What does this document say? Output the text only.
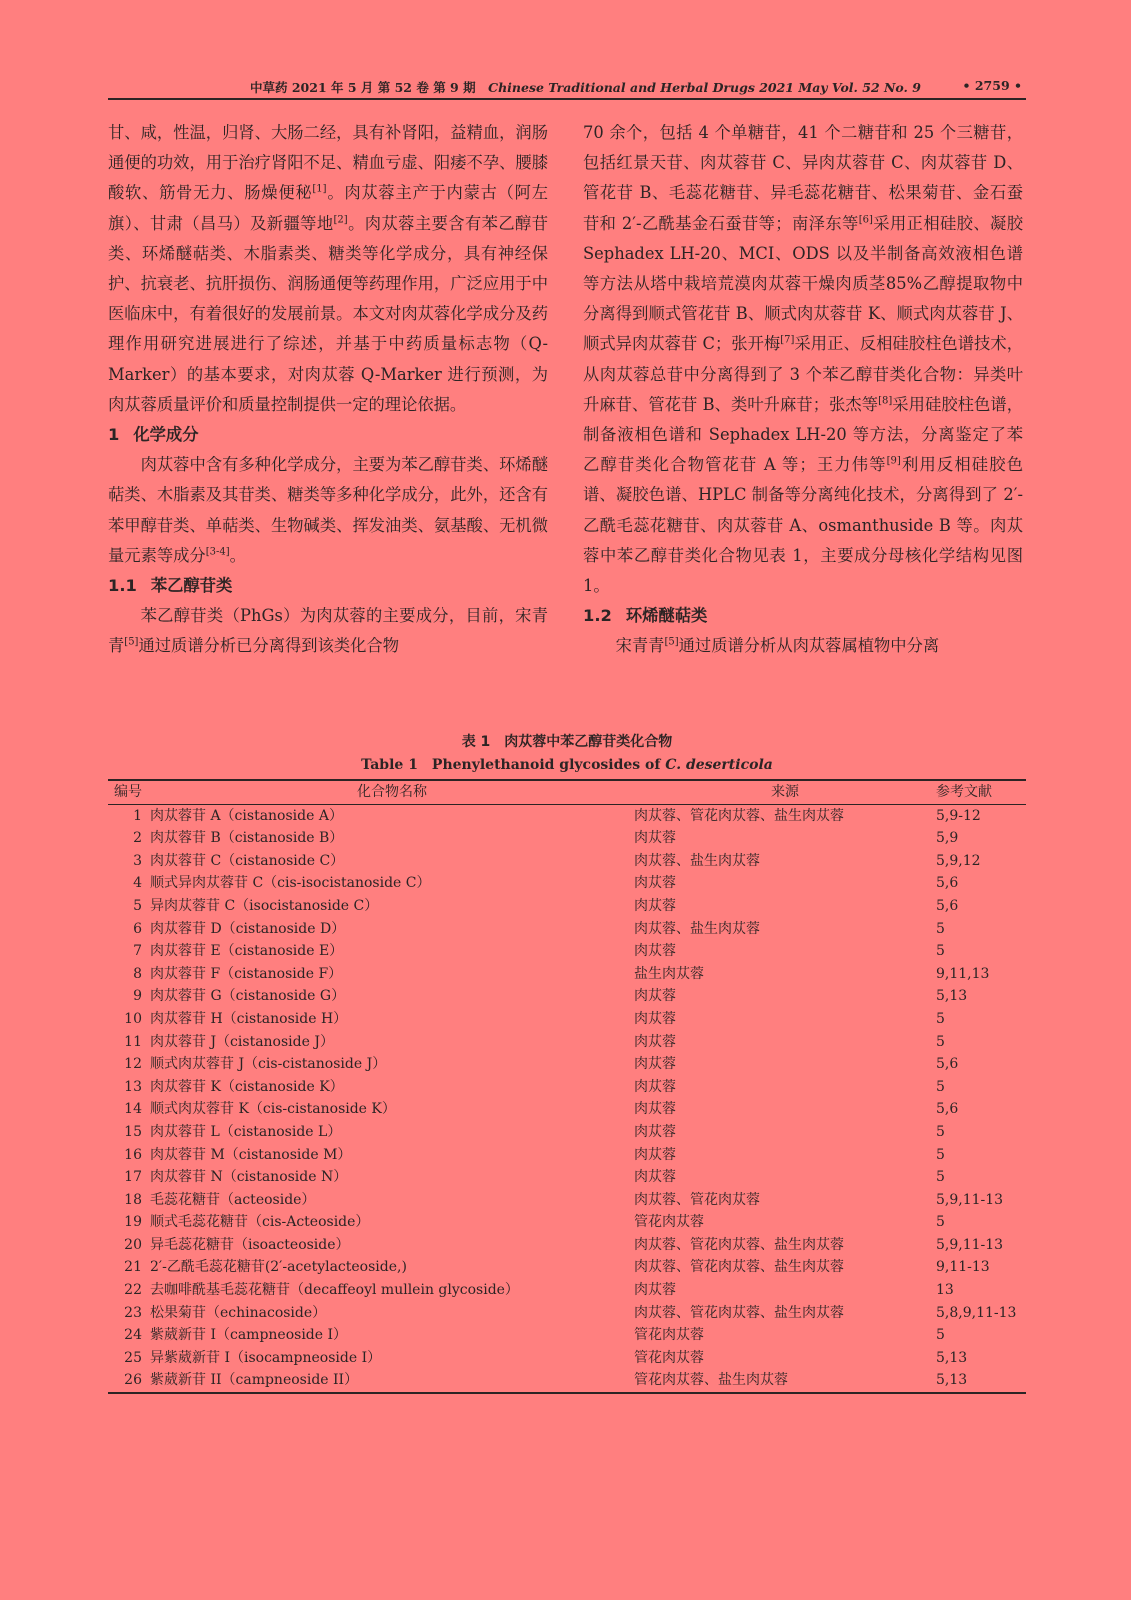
中草药 2021 年 5 月 第 52 卷 第 9 期　 Chinese Traditional and Herbal Drugs 2021 May Vol. 52 No. 9	• 2759 •

甘、咸，性温，归肾、大肠二经，具有补肾阳，益精血，润肠通便的功效，用于治疗肾阳不足、精血亏虚、阳痿不孕、腰膝酸软、筋骨无力、肠燥便秘[1]。肉苁蓉主产于内蒙古（阿左旗）、甘肃（昌马）及新疆等地[2]。肉苁蓉主要含有苯乙醇苷类、环烯醚萜类、木脂素类、糖类等化学成分，具有神经保护、抗衰老、抗肝损伤、润肠通便等药理作用，广泛应用于中医临床中，有着很好的发展前景。本文对肉苁蓉化学成分及药理作用研究进展进行了综述，并基于中药质量标志物（Q-Marker）的基本要求，对肉苁蓉 Q-Marker 进行预测，为肉苁蓉质量评价和质量控制提供一定的理论依据。

1 化学成分

肉苁蓉中含有多种化学成分，主要为苯乙醇苷类、环烯醚萜类、木脂素及其苷类、糖类等多种化学成分，此外，还含有苯甲醇苷类、单萜类、生物碱类、挥发油类、氨基酸、无机微量元素等成分[3-4]。

1.1 苯乙醇苷类

苯乙醇苷类（PhGs）为肉苁蓉的主要成分，目前，宋青青[5]通过质谱分析已分离得到该类化合物

70 余个，包括 4 个单糖苷，41 个二糖苷和 25 个三糖苷，包括红景天苷、肉苁蓉苷 C、异肉苁蓉苷 C、肉苁蓉苷 D、管花苷 B、毛蕊花糖苷、异毛蕊花糖苷、松果菊苷、金石蚕苷和 2′-乙酰基金石蚕苷等；南泽东等[6]采用正相硅胶、凝胶 Sephadex LH-20、MCI、ODS 以及半制备高效液相色谱等方法从塔中栽培荒漠肉苁蓉干燥肉质茎85%乙醇提取物中分离得到顺式管花苷 B、顺式肉苁蓉苷 K、顺式肉苁蓉苷 J、顺式异肉苁蓉苷 C；张开梅[7]采用正、反相硅胶柱色谱技术，从肉苁蓉总苷中分离得到了 3 个苯乙醇苷类化合物：异类叶升麻苷、管花苷 B、类叶升麻苷；张杰等[8]采用硅胶柱色谱，制备液相色谱和 Sephadex LH-20 等方法，分离鉴定了苯乙醇苷类化合物管花苷 A 等；王力伟等[9]利用反相硅胶色谱、凝胶色谱、HPLC 制备等分离纯化技术，分离得到了 2′-乙酰毛蕊花糖苷、肉苁蓉苷 A、osmanthuside B 等。肉苁蓉中苯乙醇苷类化合物见表 1，主要成分母核化学结构见图 1。

1.2 环烯醚萜类

宋青青[5]通过质谱分析从肉苁蓉属植物中分离

表 1　肉苁蓉中苯乙醇苷类化合物
Table 1　Phenylethanoid glycosides of C. deserticola
编号	化合物名称	来源	参考文献
1	肉苁蓉苷 A（cistanoside A）	肉苁蓉、管花肉苁蓉、盐生肉苁蓉	5,9-12
2	肉苁蓉苷 B（cistanoside B）	肉苁蓉	5,9
3	肉苁蓉苷 C（cistanoside C）	肉苁蓉、盐生肉苁蓉	5,9,12
4	顺式异肉苁蓉苷 C（cis-isocistanoside C）	肉苁蓉	5,6
5	异肉苁蓉苷 C（isocistanoside C）	肉苁蓉	5,6
6	肉苁蓉苷 D（cistanoside D）	肉苁蓉、盐生肉苁蓉	5
7	肉苁蓉苷 E（cistanoside E）	肉苁蓉	5
8	肉苁蓉苷 F（cistanoside F）	盐生肉苁蓉	9,11,13
9	肉苁蓉苷 G（cistanoside G）	肉苁蓉	5,13
10	肉苁蓉苷 H（cistanoside H）	肉苁蓉	5
11	肉苁蓉苷 J（cistanoside J）	肉苁蓉	5
12	顺式肉苁蓉苷 J（cis-cistanoside J）	肉苁蓉	5,6
13	肉苁蓉苷 K（cistanoside K）	肉苁蓉	5
14	顺式肉苁蓉苷 K（cis-cistanoside K）	肉苁蓉	5,6
15	肉苁蓉苷 L（cistanoside L）	肉苁蓉	5
16	肉苁蓉苷 M（cistanoside M）	肉苁蓉	5
17	肉苁蓉苷 N（cistanoside N）	肉苁蓉	5
18	毛蕊花糖苷（acteoside）	肉苁蓉、管花肉苁蓉	5,9,11-13
19	顺式毛蕊花糖苷（cis-Acteoside）	管花肉苁蓉	5
20	异毛蕊花糖苷（isoacteoside）	肉苁蓉、管花肉苁蓉、盐生肉苁蓉	5,9,11-13
21	2′-乙酰毛蕊花糖苷(2′-acetylacteoside,)	肉苁蓉、管花肉苁蓉、盐生肉苁蓉	9,11-13
22	去咖啡酰基毛蕊花糖苷（decaffeoyl mullein glycoside）	肉苁蓉	13
23	松果菊苷（echinacoside）	肉苁蓉、管花肉苁蓉、盐生肉苁蓉	5,8,9,11-13
24	紫葳新苷 I（campneoside I）	管花肉苁蓉	5
25	异紫葳新苷 I（isocampneoside I）	管花肉苁蓉	5,13
26	紫葳新苷 II（campneoside II）	管花肉苁蓉、盐生肉苁蓉	5,13
